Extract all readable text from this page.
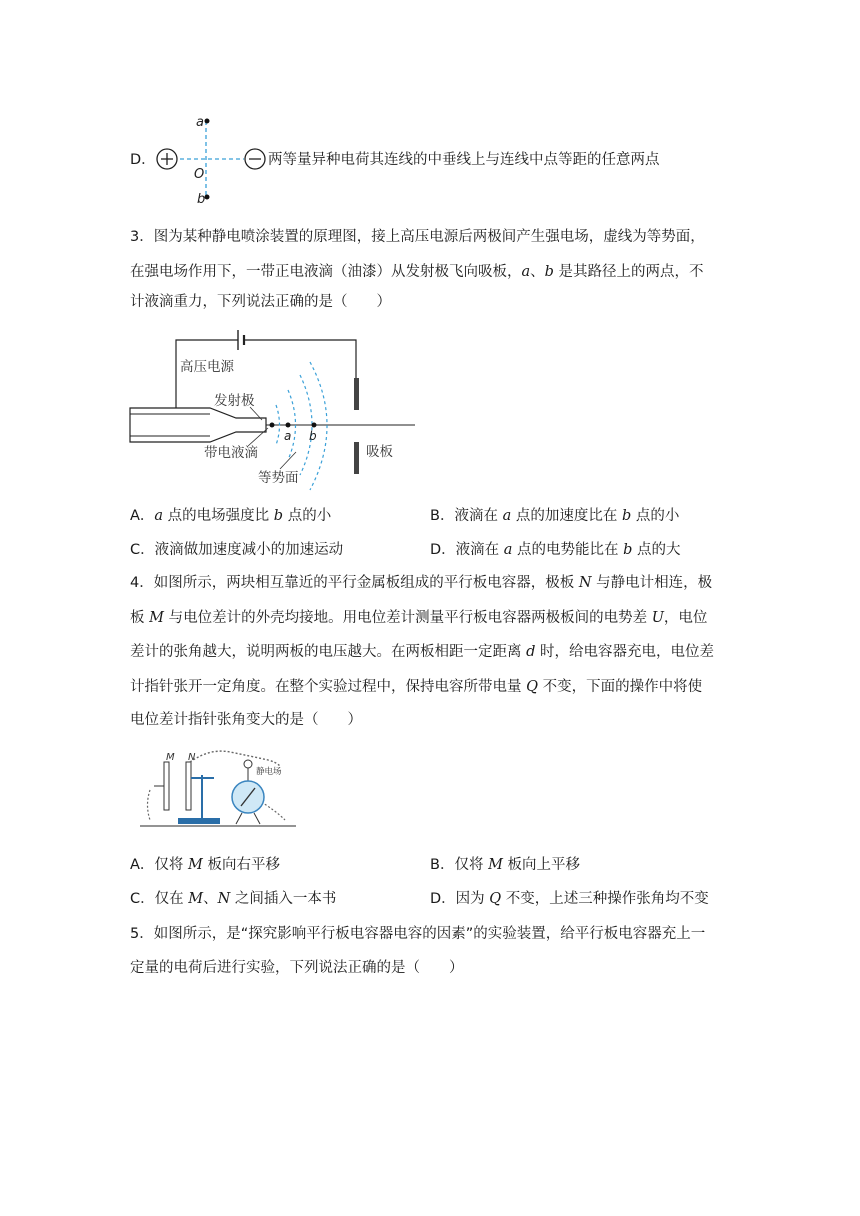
D．
a
O
b
两等量异种电荷其连线的中垂线上与连线中点等距的任意两点
3．图为某种静电喷涂装置的原理图，接上高压电源后两极间产生强电场，虚线为等势面，
在强电场作用下，一带正电液滴（油漆）从发射极飞向吸板，a、b 是其路径上的两点，不
计液滴重力，下列说法正确的是（　　）
高压电源
a b
发射极
带电液滴
等势面
吸板
A．a 点的电场强度比 b 点的小	B．液滴在 a 点的加速度比在 b 点的小
C．液滴做加速度减小的加速运动	D．液滴在 a 点的电势能比在 b 点的大
4．如图所示，两块相互靠近的平行金属板组成的平行板电容器，极板 N 与静电计相连，极
板 M 与电位差计的外壳均接地。用电位差计测量平行板电容器两极板间的电势差 U，电位
差计的张角越大，说明两板的电压越大。在两板相距一定距离 d 时，给电容器充电，电位差
计指针张开一定角度。在整个实验过程中，保持电容所带电量 Q 不变，下面的操作中将使
电位差计指针张角变大的是（　　）
M N
静电场
A．仅将 M 板向右平移	B．仅将 M 板向上平移
C．仅在 M、N 之间插入一本书	D．因为 Q 不变，上述三种操作张角均不变
5．如图所示，是“探究影响平行板电容器电容的因素”的实验装置，给平行板电容器充上一
定量的电荷后进行实验，下列说法正确的是（　　）
